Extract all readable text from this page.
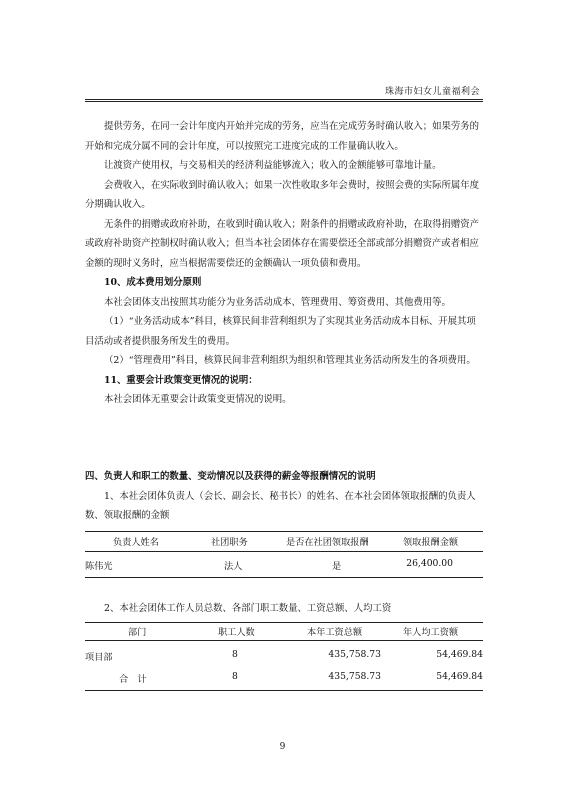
珠海市妇女儿童福利会

提供劳务，在同一会计年度内开始并完成的劳务，应当在完成劳务时确认收入；如果劳务的开始和完成分属不同的会计年度，可以按照完工进度完成的工作量确认收入。

让渡资产使用权，与交易相关的经济利益能够流入；收入的金额能够可靠地计量。

会费收入，在实际收到时确认收入；如果一次性收取多年会费时，按照会费的实际所属年度分期确认收入。

无条件的捐赠或政府补助，在收到时确认收入；附条件的捐赠或政府补助，在取得捐赠资产或政府补助资产控制权时确认收入；但当本社会团体存在需要偿还全部或部分捐赠资产或者相应金额的现时义务时，应当根据需要偿还的金额确认一项负债和费用。

10、成本费用划分原则

本社会团体支出按照其功能分为业务活动成本、管理费用、筹资费用、其他费用等。

（1）“业务活动成本”科目，核算民间非营利组织为了实现其业务活动成本目标、开展其项目活动或者提供服务所发生的费用。

（2）“管理费用”科目，核算民间非营利组织为组织和管理其业务活动所发生的各项费用。

11、重要会计政策变更情况的说明：

本社会团体无重要会计政策变更情况的说明。

四、负责人和职工的数量、变动情况以及获得的薪金等报酬情况的说明

1、本社会团体负责人（会长、副会长、秘书长）的姓名、在本社会团体领取报酬的负责人数、领取报酬的金额

负责人姓名	社团职务	是否在社团领取报酬	领取报酬金额
陈伟光	法人	是	26,400.00

2、本社会团体工作人员总数、各部门职工数量、工资总额、人均工资

部门	职工人数	本年工资总额	年人均工资额
项目部	8	435,758.73	54,469.84
合　计	8	435,758.73	54,469.84
9
